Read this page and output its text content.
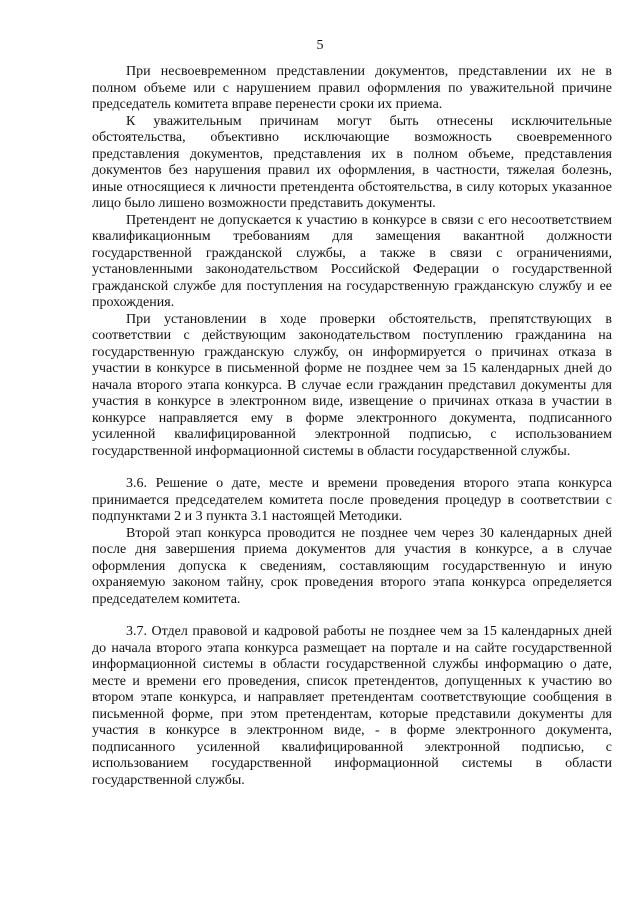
5

При несвоевременном представлении документов, представлении их не в полном объеме или с нарушением правил оформления по уважительной причине председатель комитета вправе перенести сроки их приема.

К уважительным причинам могут быть отнесены исключительные обстоятельства, объективно исключающие возможность своевременного представления документов, представления их в полном объеме, представления документов без нарушения правил их оформления, в частности, тяжелая болезнь, иные относящиеся к личности претендента обстоятельства, в силу которых указанное лицо было лишено возможности представить документы.

Претендент не допускается к участию в конкурсе в связи с его несоответствием квалификационным требованиям для замещения вакантной должности государственной гражданской службы, а также в связи с ограничениями, установленными законодательством Российской Федерации о государственной гражданской службе для поступления на государственную гражданскую службу и ее прохождения.

При установлении в ходе проверки обстоятельств, препятствующих в соответствии с действующим законодательством поступлению гражданина на государственную гражданскую службу, он информируется о причинах отказа в участии в конкурсе в письменной форме не позднее чем за 15 календарных дней до начала второго этапа конкурса. В случае если гражданин представил документы для участия в конкурсе в электронном виде, извещение о причинах отказа в участии в конкурсе направляется ему в форме электронного документа, подписанного усиленной квалифицированной электронной подписью, с использованием государственной информационной системы в области государственной службы.

3.6. Решение о дате, месте и времени проведения второго этапа конкурса принимается председателем комитета после проведения процедур в соответствии с подпунктами 2 и 3 пункта 3.1 настоящей Методики.

Второй этап конкурса проводится не позднее чем через 30 календарных дней после дня завершения приема документов для участия в конкурсе, а в случае оформления допуска к сведениям, составляющим государственную и иную охраняемую законом тайну, срок проведения второго этапа конкурса определяется председателем комитета.

3.7. Отдел правовой и кадровой работы не позднее чем за 15 календарных дней до начала второго этапа конкурса размещает на портале и на сайте государственной информационной системы в области государственной службы информацию о дате, месте и времени его проведения, список претендентов, допущенных к участию во втором этапе конкурса, и направляет претендентам соответствующие сообщения в письменной форме, при этом претендентам, которые представили документы для участия в конкурсе в электронном виде, - в форме электронного документа, подписанного усиленной квалифицированной электронной подписью, с использованием государственной информационной системы в области государственной службы.
